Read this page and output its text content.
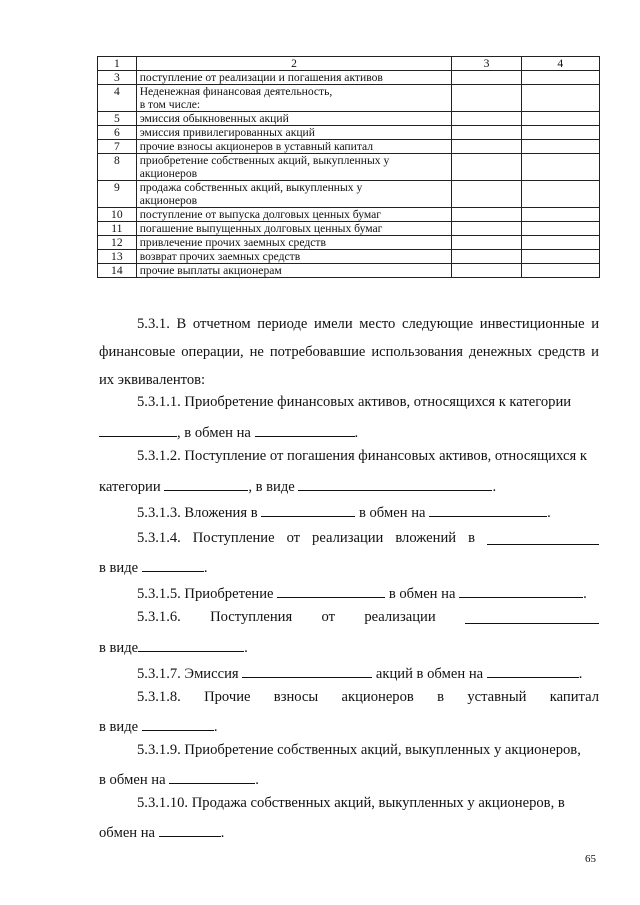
1	2	3	4
3	поступление от реализации и погашения активов		

4	Неденежная финансовая деятельность,
в том числе:		

5	эмиссия обыкновенных акций		

6	эмиссия привилегированных акций		

7	прочие взносы акционеров в уставный капитал		

8	приобретение собственных акций, выкупленных у
акционеров		

9	продажа собственных акций, выкупленных у
акционеров		

10	поступление от выпуска долговых ценных бумаг		

11	погашение выпущенных долговых ценных бумаг		

12	привлечение прочих заемных средств		

13	возврат прочих заемных средств		

14	прочие выплаты акционерам		

5.3.1. В отчетном периоде имели место следующие инвестиционные и финансовые операции, не потребовавшие использования денежных средств и их эквивалентов:
5.3.1.1. Приобретение финансовых активов, относящихся к категории
, в обмен на	.
5.3.1.2. Поступление от погашения финансовых активов, относящихся к
категории	, в виде	.
5.3.1.3. Вложения в	в обмен на	.
5.3.1.4. Поступление от реализации вложений в
в виде	.
5.3.1.5. Приобретение	в обмен на	.
5.3.1.6. Поступления от реализации
в виде	.
5.3.1.7. Эмиссия	акций в обмен на	.
5.3.1.8. Прочие взносы акционеров в уставный капитал
в виде	.
5.3.1.9. Приобретение собственных акций, выкупленных у акционеров,
в обмен на	.
5.3.1.10. Продажа собственных акций, выкупленных у акционеров, в
обмен на	.
65
